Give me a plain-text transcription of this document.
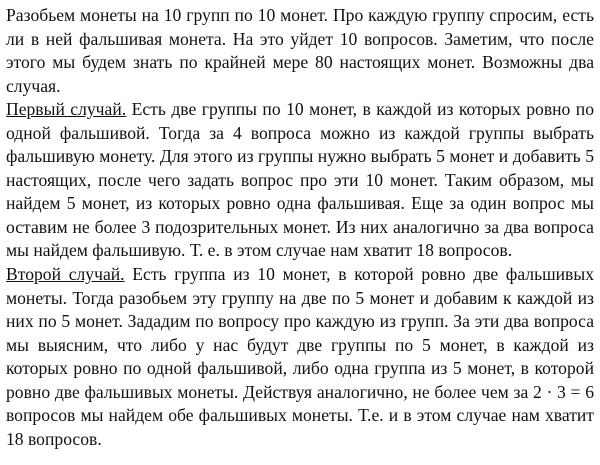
Разобьем монеты на 10 групп по 10 монет. Про каждую группу спросим, есть ли в ней фальшивая монета. На это уйдет 10 вопросов. Заметим, что после этого мы будем знать по крайней мере 80 настоящих монет. Возможны два случая.

Первый случай. Есть две группы по 10 монет, в каждой из которых ровно по одной фальшивой. Тогда за 4 вопроса можно из каждой группы выбрать фальшивую монету. Для этого из группы нужно выбрать 5 монет и добавить 5 настоящих, после чего задать вопрос про эти 10 монет. Таким образом, мы найдем 5 монет, из которых ровно одна фальшивая. Еще за один вопрос мы оставим не более 3 подозрительных монет. Из них аналогично за два вопроса мы найдем фальшивую. Т. е. в этом случае нам хватит 18 вопросов.

Второй случай. Есть группа из 10 монет, в которой ровно две фальшивых монеты. Тогда разобьем эту группу на две по 5 монет и добавим к каждой из них по 5 монет. Зададим по вопросу про каждую из групп. За эти два вопроса мы выясним, что либо у нас будут две группы по 5 монет, в каждой из которых ровно по одной фальшивой, либо одна группа из 5 монет, в которой ровно две фальшивых монеты. Действуя аналогично, не более чем за 2 · 3 = 6 вопросов мы найдем обе фальшивых монеты. Т.е. и в этом случае нам хватит 18 вопросов.
